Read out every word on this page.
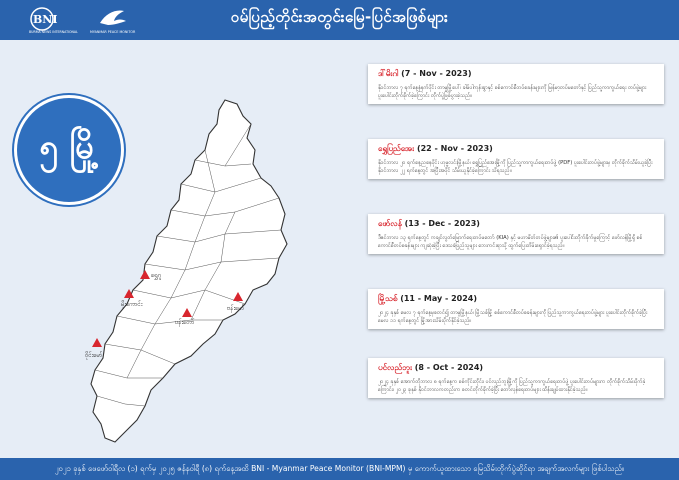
BNI
BURMA NEWS INTERNATIONAL	MYANMAR PEACE MONITOR
ဝမ်ပြည့်တိုင်းအတွင်းမြေ-ပြင်အဖြစ်များ
ရွှေဂူ
မိုးကောင်း
ဗန်းမော်
ပန်းတော်
ဝိုင်းမော်
၅ မြို့
ဒါ်မိးဂါ (7 - Nov - 2023)
နိုဝင်ဘာလ ၇ ရက်နေ့နံနက်ပိုင်း တာမူမြို့ပေါ်၊ ခါမ်ပါကုန်းရွာနှင့် စစ်ကောင်စီတပ်စခန်းများကို မြန်မာ့တပ်မတော်နှင့် ပြည်သူ့ကာကွယ်ရေး တပ်ဖွဲ့များ ပူးပေါင်းတိုက်ခိုက်ခဲ့ကြောင်း တိုက်ပွဲဖြစ်ပွားခဲ့သည်။
ရွှေပြည်အေး (22 - Nov - 2023)
နိုဝင်ဘာလ ၂၀ ရက်နေ့ညနေပိုင်း ဟုမ္မလင်းမြို့နယ်၊ ရွှေပြည်အေးမြို့ကို ပြည်သူ့ကာကွယ်ရေးတပ်ဖွဲ့ (PDF) ပူးပေါင်းတပ်ဖွဲ့များမှ တိုက်ခိုက်သိမ်းယူခဲ့ပြီး နိုဝင်ဘာလ ၂၂ ရက်နေ့တွင် အပြီးအပိုင် သိမ်းယူနိုင်ခဲ့ကြောင်း သိရသည်။
ဖော်လန် (13 - Dec - 2023)
ဒီဇင်ဘာလ ၁၃ ရက်နေ့တွင် ကချင်လွတ်မြောက်ရေးတပ်မတော် (KIA) နှင့် မဟာမိတ်တပ်ဖွဲ့များ၏ ပူးပေါင်းတိုက်ခိုက်မှုကြောင့် ဖော်လန်မြို့ရှိ စစ်ကောင်စီတပ်စခန်းများ ကျဆုံးခဲ့ပြီး ဒေသခံပြည်သူများ ဘေးကင်းရာသို့ ထွက်ပြေးတိမ်းရှောင်ခဲ့ရသည်။
မြို့သစ် (11 - May - 2024)
၂၀၂၄ ခုနှစ် မေလ ၇ ရက်နေ့မှစတင်၍ တာမူမြို့နယ်၊ မြို့သစ်မြို့ စစ်ကောင်စီတပ်စခန်းများကို ပြည်သူ့ကာကွယ်ရေးတပ်ဖွဲ့များ ပူးပေါင်းတိုက်ခိုက်ခဲ့ပြီး မေလ ၁၁ ရက်နေ့တွင် မြို့အားသိမ်းပိုက်နိုင်ခဲ့သည်။
ပင်လည်ဘူး (8 - Oct - 2024)
၂၀၂၄ ခုနှစ် အောက်တိုဘာလ ၈ ရက်နေ့က စစ်ကိုင်းတိုင်း၊ ပင်လည်ဘူးမြို့ကို ပြည်သူ့ကာကွယ်ရေးတပ်ဖွဲ့ ပူးပေါင်းတပ်များက တိုက်ခိုက်သိမ်းပိုက်ခဲ့ကြောင်း၊ ၂၀၂၃ ခုနှစ် နိုဝင်ဘာလကတည်းက စတင်တိုက်ခိုက်ခဲ့ပြီး တော်လှန်ရေးတပ်များ ထိန်းချုပ်ထားနိုင်ခဲ့သည်။
၂၀၂၁ ခုနှစ် ဖေဖော်ဝါရီလ (၁) ရက်မှ ၂၀၂၅ ဇန်နဝါရီ (၈) ရက်နေ့အထိ BNI - Myanmar Peace Monitor (BNI-MPM) မှ ကောက်ယူထားသော မြေသိမ်းတိုက်ပွဲဆိုင်ရာ အချက်အလက်များ ဖြစ်ပါသည်။
